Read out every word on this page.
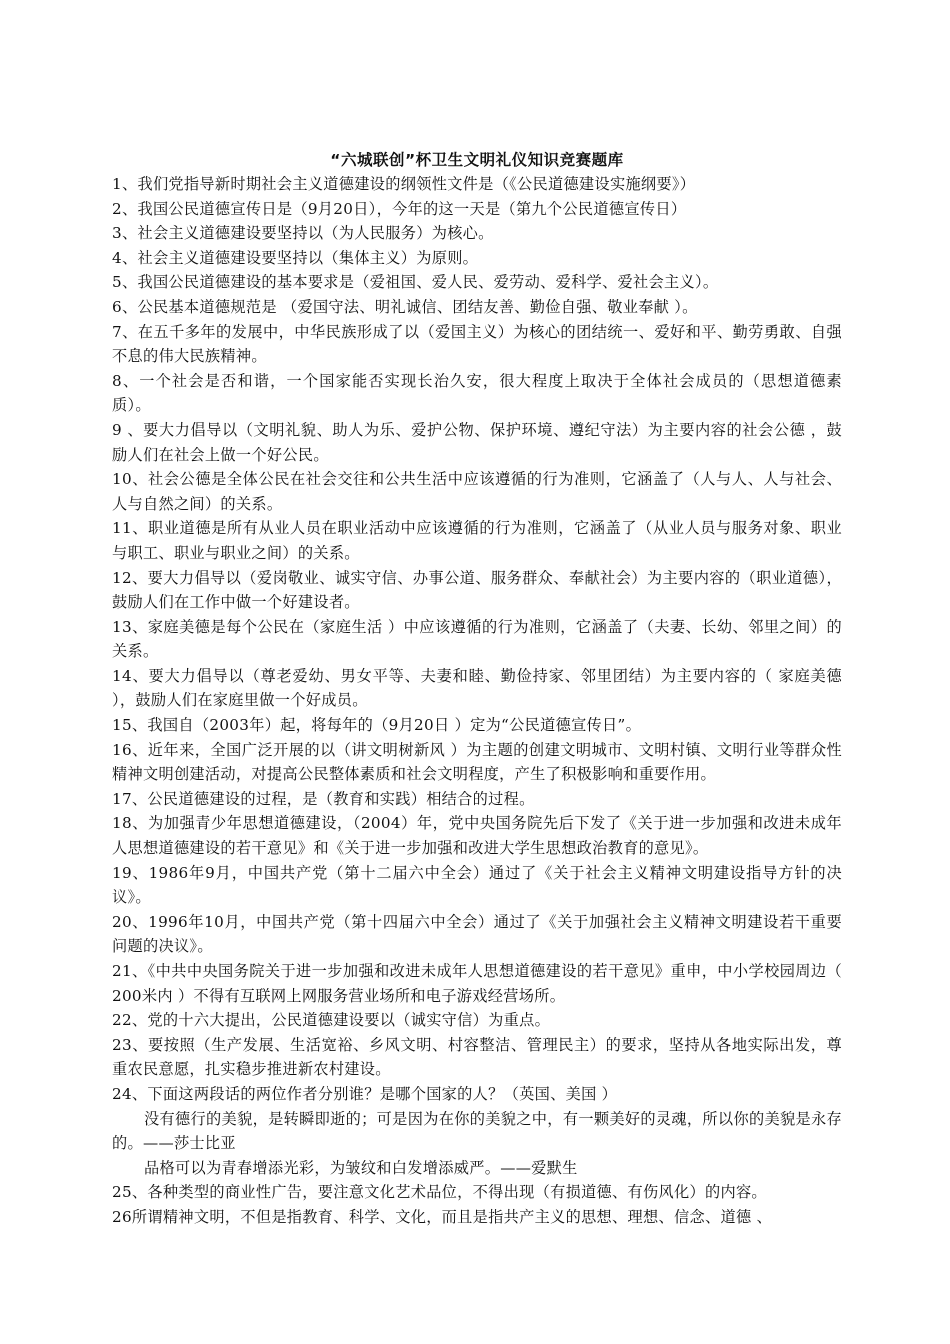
“六城联创”杯卫生文明礼仪知识竞赛题库

1、我们党指导新时期社会主义道德建设的纲领性文件是（《公民道德建设实施纲要》）

2、我国公民道德宣传日是（9月20日），今年的这一天是（第九个公民道德宣传日）

3、社会主义道德建设要坚持以（为人民服务）为核心。

4、社会主义道德建设要坚持以（集体主义）为原则。

5、我国公民道德建设的基本要求是（爱祖国、爱人民、爱劳动、爱科学、爱社会主义）。

6、公民基本道德规范是 （爱国守法、明礼诚信、团结友善、勤俭自强、敬业奉献 ）。

7、在五千多年的发展中，中华民族形成了以（爱国主义）为核心的团结统一、爱好和平、勤劳勇敢、自强不息的伟大民族精神。

8、一个社会是否和谐，一个国家能否实现长治久安，很大程度上取决于全体社会成员的（思想道德素质）。

9 、要大力倡导以（文明礼貌、助人为乐、爱护公物、保护环境、遵纪守法）为主要内容的社会公德 ，鼓励人们在社会上做一个好公民。

10、社会公德是全体公民在社会交往和公共生活中应该遵循的行为准则，它涵盖了（人与人、人与社会、人与自然之间）的关系。

11、职业道德是所有从业人员在职业活动中应该遵循的行为准则，它涵盖了（从业人员与服务对象、职业与职工、职业与职业之间）的关系。

12、要大力倡导以（爱岗敬业、诚实守信、办事公道、服务群众、奉献社会）为主要内容的（职业道德），鼓励人们在工作中做一个好建设者。

13、家庭美德是每个公民在（家庭生活 ）中应该遵循的行为准则，它涵盖了（夫妻、长幼、邻里之间）的关系。

14、要大力倡导以（尊老爱幼、男女平等、夫妻和睦、勤俭持家、邻里团结）为主要内容的（ 家庭美德 ），鼓励人们在家庭里做一个好成员。

15、我国自（2003年）起，将每年的（9月20日 ）定为“公民道德宣传日”。

16、近年来，全国广泛开展的以（讲文明树新风 ）为主题的创建文明城市、文明村镇、文明行业等群众性精神文明创建活动，对提高公民整体素质和社会文明程度，产生了积极影响和重要作用。

17、公民道德建设的过程，是（教育和实践）相结合的过程。

18、为加强青少年思想道德建设，（2004）年，党中央国务院先后下发了《关于进一步加强和改进未成年人思想道德建设的若干意见》和《关于进一步加强和改进大学生思想政治教育的意见》。

19、1986年9月，中国共产党（第十二届六中全会）通过了《关于社会主义精神文明建设指导方针的决议》。

20、1996年10月，中国共产党（第十四届六中全会）通过了《关于加强社会主义精神文明建设若干重要问题的决议》。

21、《中共中央国务院关于进一步加强和改进未成年人思想道德建设的若干意见》重申，中小学校园周边（ 200米内 ）不得有互联网上网服务营业场所和电子游戏经营场所。

22、党的十六大提出，公民道德建设要以（诚实守信）为重点。

23、要按照（生产发展、生活宽裕、乡风文明、村容整洁、管理民主）的要求，坚持从各地实际出发，尊重农民意愿，扎实稳步推进新农村建设。

24、下面这两段话的两位作者分别谁？是哪个国家的人？（英国、美国 ）

没有德行的美貌，是转瞬即逝的；可是因为在你的美貌之中，有一颗美好的灵魂，所以你的美貌是永存的。——莎士比亚

品格可以为青春增添光彩，为皱纹和白发增添威严。——爱默生

25、各种类型的商业性广告，要注意文化艺术品位，不得出现（有损道德、有伤风化）的内容。

26所谓精神文明，不但是指教育、科学、文化，而且是指共产主义的思想、理想、信念、道德 、
